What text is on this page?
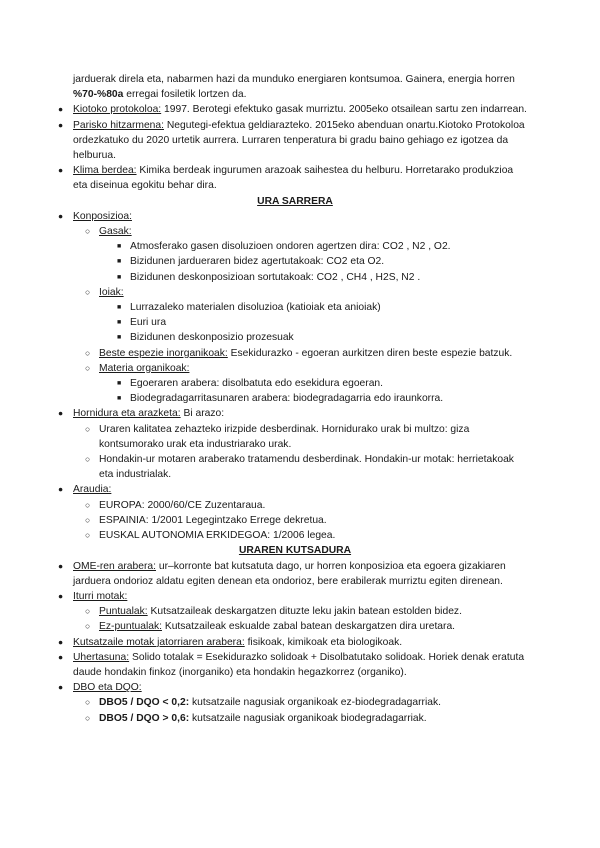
jarduerak direla eta, nabarmen hazi da munduko energiaren kontsumoa. Gainera, energia horren %70-%80a erregai fosiletik lortzen da.
● Kiotoko protokoloa: 1997. Berotegi efektuko gasak murriztu. 2005eko otsailean sartu zen indarrean.
● Parisko hitzarmena: Negutegi-efektua geldiarazteko. 2015eko abenduan onartu.Kiotoko Protokoloa ordezkatuko du 2020 urtetik aurrera. Lurraren tenperatura bi gradu baino gehiago ez igotzea da helburua.
● Klima berdea: Kimika berdeak ingurumen arazoak saihestea du helburu. Horretarako produkzioa eta diseinua egokitu behar dira.
URA SARRERA
● Konposizioa:
○ Gasak:
■ Atmosferako gasen disoluzioen ondoren agertzen dira: CO2 , N2 , O2.
■ Bizidunen jardueraren bidez agertutakoak: CO2 eta O2.
■ Bizidunen deskonposizioan sortutakoak: CO2 , CH4 , H2S, N2 .
○ Ioiak:
■ Lurrazaleko materialen disoluzioa (katioiak eta anioiak)
■ Euri ura
■ Bizidunen deskonposizio prozesuak
○ Beste espezie inorganikoak: Esekidurazko - egoeran aurkitzen diren beste espezie batzuk.
○ Materia organikoak:
■ Egoeraren arabera: disolbatuta edo esekidura egoeran.
■ Biodegradagarritasunaren arabera: biodegradagarria edo iraunkorra.
● Hornidura eta arazketa: Bi arazo:
○ Uraren kalitatea zehazteko irizpide desberdinak. Hornidurako urak bi multzo: giza kontsumorako urak eta industriarako urak.
○ Hondakin-ur motaren araberako tratamendu desberdinak. Hondakin-ur motak: herrietakoak eta industrialak.
● Araudia:
○ EUROPA: 2000/60/CE Zuzentaraua.
○ ESPAINIA: 1/2001 Legegintzako Errege dekretua.
○ EUSKAL AUTONOMIA ERKIDEGOA: 1/2006 legea.
URAREN KUTSADURA
● OME-ren arabera: ur–korronte bat kutsatuta dago, ur horren konposizioa eta egoera gizakiaren jarduera ondorioz aldatu egiten denean eta ondorioz, bere erabilerak murriztu egiten direnean.
● Iturri motak:
○ Puntualak: Kutsatzaileak deskargatzen dituzte leku jakin batean estolden bidez.
○ Ez-puntualak: Kutsatzaileak eskualde zabal batean deskargatzen dira uretara.
● Kutsatzaile motak jatorriaren arabera: fisikoak, kimikoak eta biologikoak.
● Uhertasuna: Solido totalak = Esekidurazko solidoak + Disolbatutako solidoak. Horiek denak eratuta daude hondakin finkoz (inorganiko) eta hondakin hegazkorrez (organiko).
● DBO eta DQO:
○ DBO5 / DQO < 0,2: kutsatzaile nagusiak organikoak ez-biodegradagarriak.
○ DBO5 / DQO > 0,6: kutsatzaile nagusiak organikoak biodegradagarriak.
